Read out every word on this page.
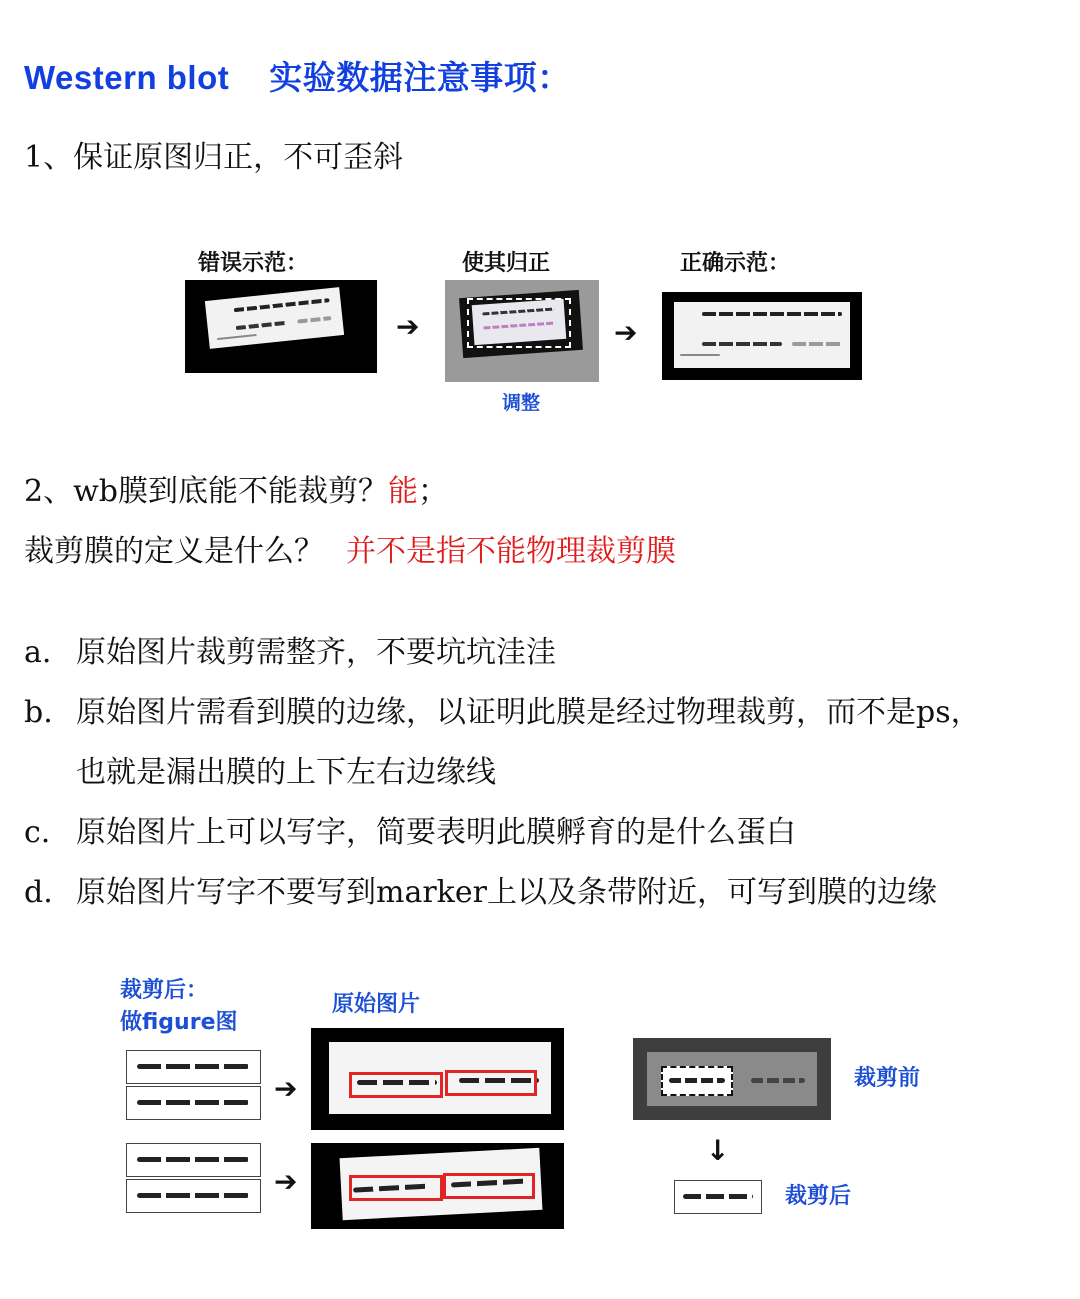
Western blot 实验数据注意事项：
1、保证原图归正，不可歪斜
错误示范：	使其归正	正确示范：
➔
调整
➔
2、wb膜到底能不能裁剪？能；
裁剪膜的定义是什么？ 并不是指不能物理裁剪膜
a. 原始图片裁剪需整齐，不要坑坑洼洼
b. 原始图片需看到膜的边缘，以证明此膜是经过物理裁剪，而不是ps，
也就是漏出膜的上下左右边缘线
c. 原始图片上可以写字，简要表明此膜孵育的是什么蛋白
d. 原始图片写字不要写到marker上以及条带附近，可写到膜的边缘
裁剪后：
做figure图
原始图片
➔
➔
裁剪前
↓
裁剪后
